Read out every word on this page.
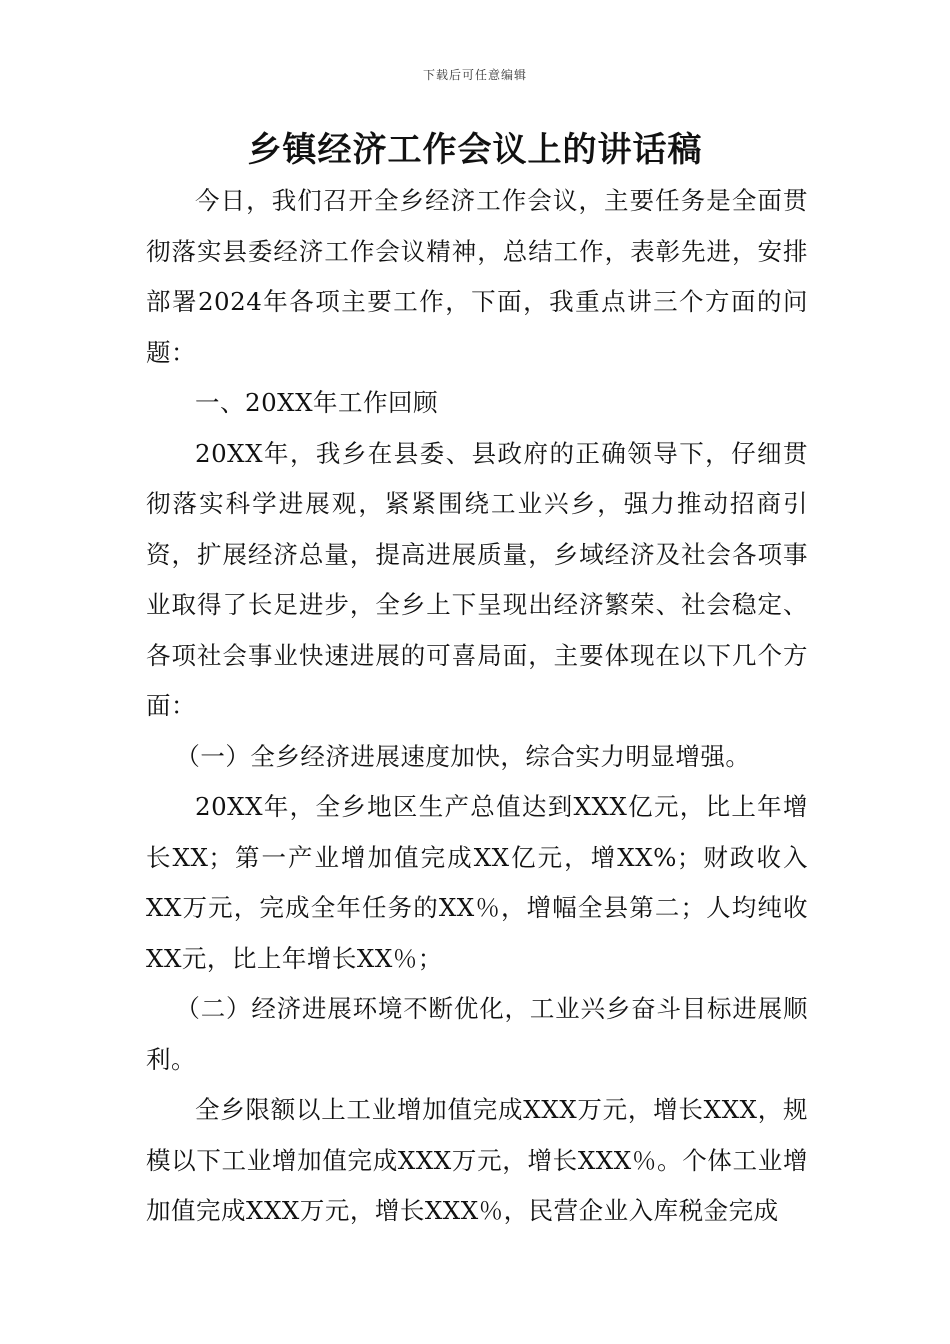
下载后可任意编辑
乡镇经济工作会议上的讲话稿

今日，我们召开全乡经济工作会议，主要任务是全面贯彻落实县委经济工作会议精神，总结工作，表彰先进，安排部署2024年各项主要工作，下面，我重点讲三个方面的问题：

一、20XX年工作回顾

20XX年，我乡在县委、县政府的正确领导下，仔细贯彻落实科学进展观，紧紧围绕工业兴乡，强力推动招商引资，扩展经济总量，提高进展质量，乡域经济及社会各项事业取得了长足进步，全乡上下呈现出经济繁荣、社会稳定、各项社会事业快速进展的可喜局面，主要体现在以下几个方面：

（一）全乡经济进展速度加快，综合实力明显增强。

20XX年，全乡地区生产总值达到XXX亿元，比上年增长XX；第一产业增加值完成XX亿元，增XX%；财政收入XX万元，完成全年任务的XX％，增幅全县第二；人均纯收XX元，比上年增长XX％；

（二）经济进展环境不断优化，工业兴乡奋斗目标进展顺利。

全乡限额以上工业增加值完成XXX万元，增长XXX，规模以下工业增加值完成XXX万元，增长XXX％。个体工业增加值完成XXX万元，增长XXX％，民营企业入库税金完成
